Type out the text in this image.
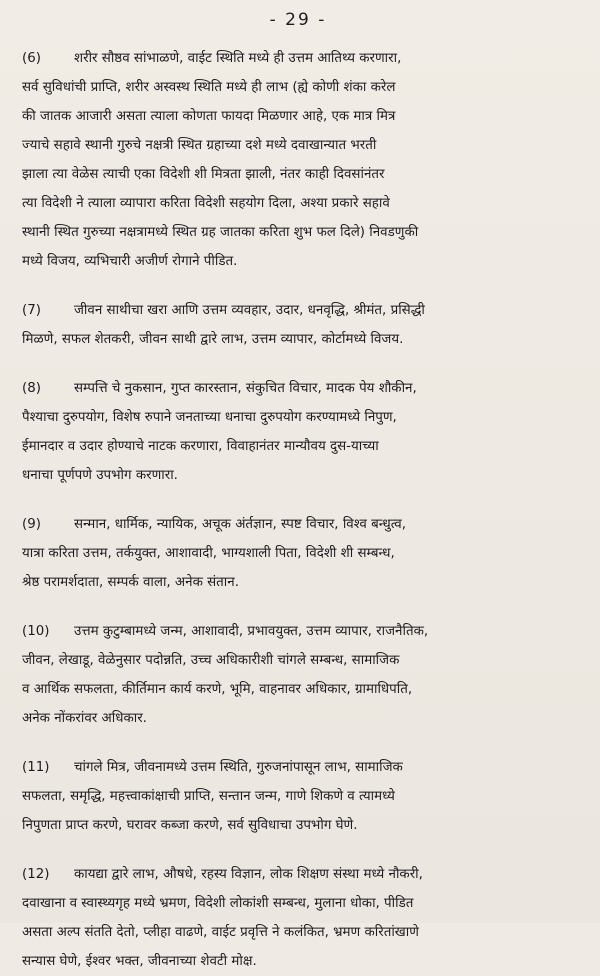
- 29 -
(6) शरीर सौष्ठव सांभाळणे, वाईट स्थिति मध्ये ही उत्तम आतिथ्य करणारा,
सर्व सुविधांची प्राप्ति, शरीर अस्वस्थ स्थिति मध्ये ही लाभ (ह्ये कोणी शंका करेल
की जातक आजारी असता त्याला कोणता फायदा मिळणार आहे, एक मात्र मित्र
ज्याचे सहावे स्थानी गुरुचे नक्षत्री स्थित ग्रहाच्या दशे मध्ये दवाखान्यात भरती
झाला त्या वेळेस त्याची एका विदेशी शी मित्रता झाली, नंतर काही दिवसांनंतर
त्या विदेशी ने त्याला व्यापारा करिता विदेशी सहयोग दिला, अश्या प्रकारे सहावे
स्थानी स्थित गुरुच्या नक्षत्रामध्ये स्थित ग्रह जातका करिता शुभ फल दिले) निवडणुकी
मध्ये विजय, व्यभिचारी अजीर्ण रोगाने पीडित.
(7) जीवन साथीचा खरा आणि उत्तम व्यवहार, उदार, धनवृद्धि, श्रीमंत, प्रसिद्धी
मिळणे, सफल शेतकरी, जीवन साथी द्वारे लाभ, उत्तम व्यापार, कोर्टामध्ये विजय.
(8) सम्पत्ति चे नुकसान, गुप्त कारस्तान, संकुचित विचार, मादक पेय शौकीन,
पैश्याचा दुरुपयोग, विशेष रुपाने जनताच्या धनाचा दुरुपयोग करण्यामध्ये निपुण,
ईमानदार व उदार होण्याचे नाटक करणारा, विवाहानंतर मान्यौवय दुस-याच्या
धनाचा पूर्णपणे उपभोग करणारा.
(9) सन्मान, धार्मिक, न्यायिक, अचूक अंर्तज्ञान, स्पष्ट विचार, विश्व बन्धुत्व,
यात्रा करिता उत्तम, तर्कयुक्त, आशावादी, भाग्यशाली पिता, विदेशी शी सम्बन्ध,
श्रेष्ठ परामर्शदाता, सम्पर्क वाला, अनेक संतान.
(10) उत्तम कुटुम्बामध्ये जन्म, आशावादी, प्रभावयुक्त, उत्तम व्यापार, राजनैतिक,
जीवन, लेखाडू, वेळेनुसार पदोन्नति, उच्च अधिकारीशी चांगले सम्बन्ध, सामाजिक
व आर्थिक सफलता, कीर्तिमान कार्य करणे, भूमि, वाहनावर अधिकार, ग्रामाधिपति,
अनेक नोंकरांवर अधिकार.
(11) चांगले मित्र, जीवनामध्ये उत्तम स्थिति, गुरुजनांपासून लाभ, सामाजिक
सफलता, समृद्धि, महत्त्वाकांक्षाची प्राप्ति, सन्तान जन्म, गाणे शिकणे व त्यामध्ये
निपुणता प्राप्त करणे, घरावर कब्जा करणे, सर्व सुविधाचा उपभोग घेणे.
(12) कायद्या द्वारे लाभ, औषधे, रहस्य विज्ञान, लोक शिक्षण संस्था मध्ये नौकरी,
दवाखाना व स्वास्थ्यगृह मध्ये भ्रमण, विदेशी लोकांशी सम्बन्ध, मुलाना धोका, पीडित
असता अल्प संतति देतो, प्लीहा वाढणे, वाईट प्रवृत्ति ने कलंकित, भ्रमण करितांखाणे
सन्यास घेणे, ईश्वर भक्त, जीवनाच्या शेवटी मोक्ष.
